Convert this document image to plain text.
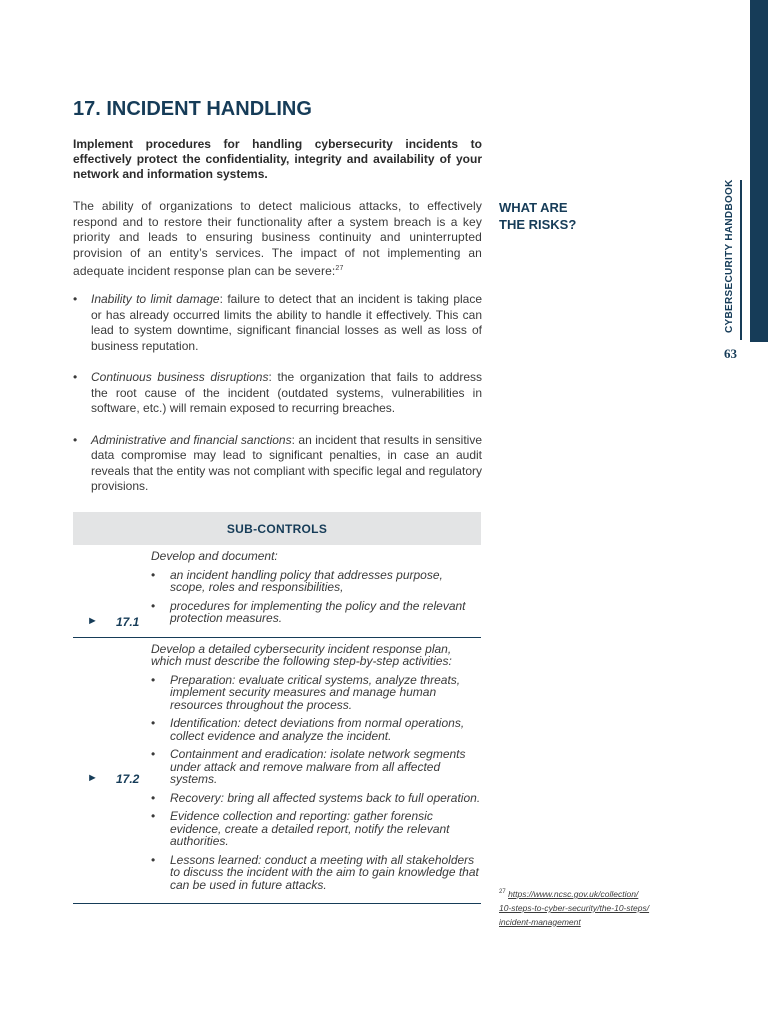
CYBERSECURITY HANDBOOK
63
17. INCIDENT HANDLING

Implement procedures for handling cybersecurity incidents to effectively protect the confidentiality, integrity and availability of your network and information systems.

The ability of organizations to detect malicious attacks, to effectively respond and to restore their functionality after a system breach is a key priority and leads to ensuring business continuity and uninterrupted provision of an entity’s services. The impact of not implementing an adequate incident response plan can be severe:$^{27}$

WHAT ARE
THE RISKS?
• Inability to limit damage: failure to detect that an incident is taking place or has already occurred limits the ability to handle it effectively. This can lead to system downtime, significant financial losses as well as loss of business reputation.
• Continuous business disruptions: the organization that fails to address the root cause of the incident (outdated systems, vulnerabilities in software, etc.) will remain exposed to recurring breaches.
• Administrative and financial sanctions: an incident that results in sensitive data compromise may lead to significant penalties, in case an audit reveals that the entity was not compliant with specific legal and regulatory provisions.
SUB-CONTROLS
► 17.1
Develop and document:
• an incident handling policy that addresses purpose, scope, roles and responsibilities,
• procedures for implementing the policy and the relevant protection measures.
► 17.2
Develop a detailed cybersecurity incident response plan, which must describe the following step-by-step activities:
• Preparation: evaluate critical systems, analyze threats, implement security measures and manage human resources throughout the process.
• Identification: detect deviations from normal operations, collect evidence and analyze the incident.
• Containment and eradication: isolate network segments under attack and remove malware from all affected systems.
• Recovery: bring all affected systems back to full operation.
• Evidence collection and reporting: gather forensic evidence, create a detailed report, notify the relevant authorities.
• Lessons learned: conduct a meeting with all stakeholders to discuss the incident with the aim to gain knowledge that can be used in future attacks.
$^{27}$ https://www.ncsc.gov.uk/collection/
10-steps-to-cyber-security/the-10-steps/
incident-management
